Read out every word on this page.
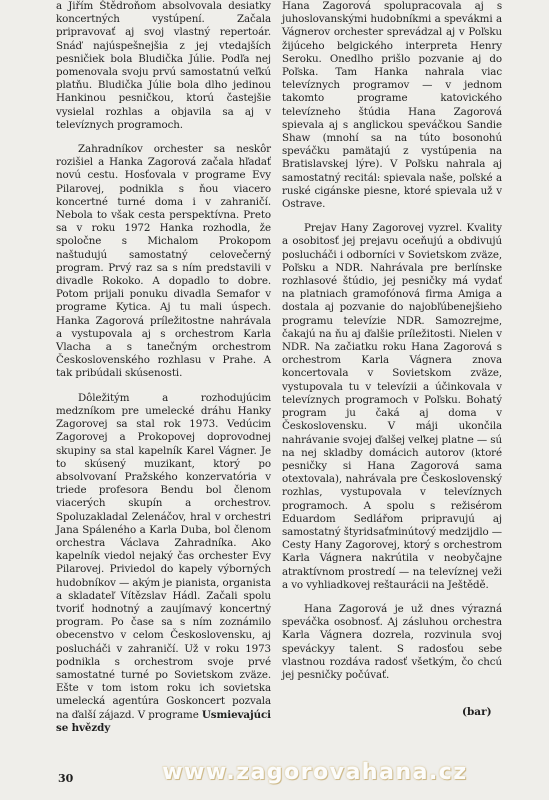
a Jiřím Štědroňom absolvovala desiatky koncertných vystúpení. Začala pripravovať aj svoj vlastný repertoár. Snáď najúspešnejšia z jej vtedajších pesničiek bola Bludička Júlie. Podľa nej pomenovala svoju prvú samostatnú veľkú platňu. Bludička Júlie bola dlho jedinou Hankinou pesničkou, ktorú častejšie vysielal rozhlas a objavila sa aj v televíznych programoch.

Zahradníkov orchester sa neskôr rozišiel a Hanka Zagorová začala hľadať novú cestu. Hosťovala v programe Evy Pilarovej, podnikla s ňou viacero koncertné turné doma i v zahraničí. Nebola to však cesta perspektívna. Preto sa v roku 1972 Hanka rozhodla, že spoločne s Michalom Prokopom naštudujú samostatný celovečerný program. Prvý raz sa s ním predstavili v divadle Rokoko. A dopadlo to dobre. Potom prijali ponuku divadla Semafor v programe Kytica. Aj tu mali úspech. Hanka Zagorová príležitostne nahrávala a vystupovala aj s orchestrom Karla Vlacha a s tanečným orchestrom Československého rozhlasu v Prahe. A tak pribúdali skúsenosti.

Dôležitým a rozhodujúcim medzníkom pre umelecké dráhu Hanky Zagorovej sa stal rok 1973. Vedúcim Zagorovej a Prokopovej doprovodnej skupiny sa stal kapelník Karel Vágner. Je to skúsený muzikant, ktorý po absolvovaní Pražského konzervatória v triede profesora Bendu bol členom viacerých skupín a orchestrov. Spoluzakladal Zelenáčov, hral v orchestri Jana Spáleného a Karla Duba, bol členom orchestra Václava Zahradníka. Ako kapelník viedol nejaký čas orchester Evy Pilarovej. Priviedol do kapely výborných hudobníkov — akým je pianista, organista a skladateľ Vítězslav Hádl. Začali spolu tvoriť hodnotný a zaujímavý koncertný program. Po čase sa s ním zoznámilo obecenstvo v celom Československu, aj poslucháči v zahraničí. Už v roku 1973 podnikla s orchestrom svoje prvé samostatné turné po Sovietskom zväze. Ešte v tom istom roku ich sovietska umelecká agentúra Goskoncert pozvala na ďalší zájazd. V programe Usmievajúci se hvězdy

Hana Zagorová spolupracovala aj s juhoslovanskými hudobníkmi a spevákmi a Vágnerov orchester sprevádzal aj v Poľsku žijúceho belgického interpreta Henry Seroku. Onedlho prišlo pozvanie aj do Poľska. Tam Hanka nahrala viac televíznych programov — v jednom takomto programe katovického televízneho štúdia Hana Zagorová spievala aj s anglickou speváčkou Sandie Shaw (mnohí sa na túto bosonohú speváčku pamätajú z vystúpenia na Bratislavskej lýre). V Poľsku nahrala aj samostatný recitál: spievala naše, poľské a ruské cigánske piesne, ktoré spievala už v Ostrave.

Prejav Hany Zagorovej vyzrel. Kvality a osobitosť jej prejavu oceňujú a obdivujú poslucháči i odborníci v Sovietskom zväze, Poľsku a NDR. Nahrávala pre berlínske rozhlasové štúdio, jej pesničky má vydať na platniach gramofónová firma Amiga a dostala aj pozvanie do najobľúbenejšieho programu televízie NDR. Samozrejme, čakajú na ňu aj ďalšie príležitosti. Nielen v NDR. Na začiatku roku Hana Zagorová s orchestrom Karla Vágnera znova koncertovala v Sovietskom zväze, vystupovala tu v televízii a účinkovala v televíznych programoch v Poľsku. Bohatý program ju čaká aj doma v Československu. V máji ukončila nahrávanie svojej ďalšej veľkej platne — sú na nej skladby domácich autorov (ktoré pesničky si Hana Zagorová sama otextovala), nahrávala pre Československý rozhlas, vystupovala v televíznych programoch. A spolu s režisérom Eduardom Sedlářom pripravujú aj samostatný štyridsaťminútový medzijdlo — Cesty Hany Zagorovej, ktorý s orchestrom Karla Vágnera nakrútila v neobyčajne atraktívnom prostredí — na televíznej veži a vo vyhliadkovej reštaurácii na Ještědě.

Hana Zagorová je už dnes výrazná speváčka osobnosť. Aj zásluhou orchestra Karla Vágnera dozrela, rozvinula svoj speváckyy talent. S radosťou sebe vlastnou rozdáva radosť všetkým, čo chcú jej pesničky počúvať.

(bar)
30	www.zagorovahana.cz
